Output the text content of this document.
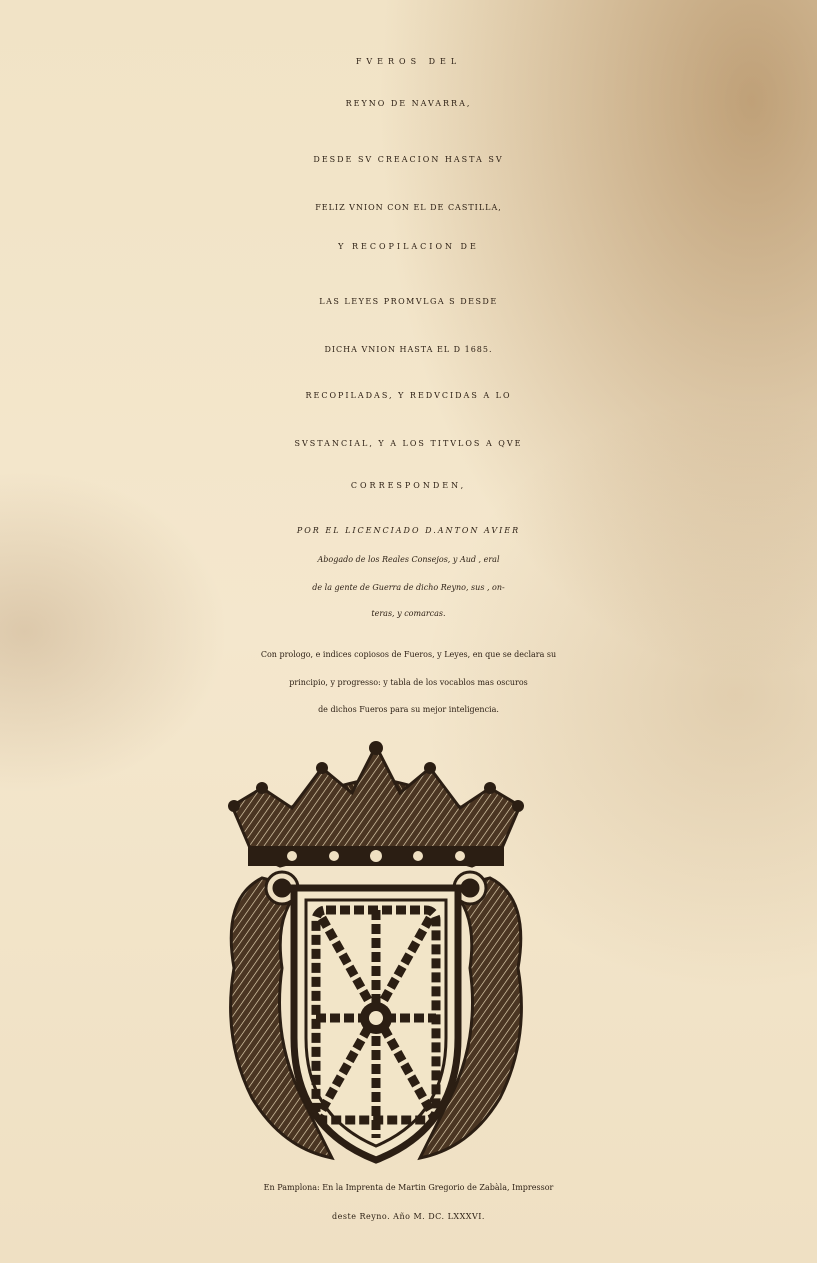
FVEROS DEL
REYNO DE NAVARRA,
DESDE SV CREACION HASTA SV
FELIZ VNION CON EL DE CASTILLA,
Y RECOPILACION DE
LAS LEYES PROMVLGA S DESDE
DICHA VNION HASTA EL D 1685.
RECOPILADAS, Y REDVCIDAS A LO
SVSTANCIAL, Y A LOS TITVLOS A QVE
CORRESPONDEN,
POR EL LICENCIADO D.ANTON AVIER
Abogado de los Reales Consejos, y Aud , eral
de la gente de Guerra de dicho Reyno, sus , on-
teras, y comarcas.
Con prologo, e indices copiosos de Fueros, y Leyes, en que se declara su
principio, y progresso: y tabla de los vocablos mas oscuros
de dichos Fueros para su mejor inteligencia.
En Pamplona: En la Imprenta de Martin Gregorio de Zabàla, Impressor
deste Reyno. Año M. DC. LXXXVI.
